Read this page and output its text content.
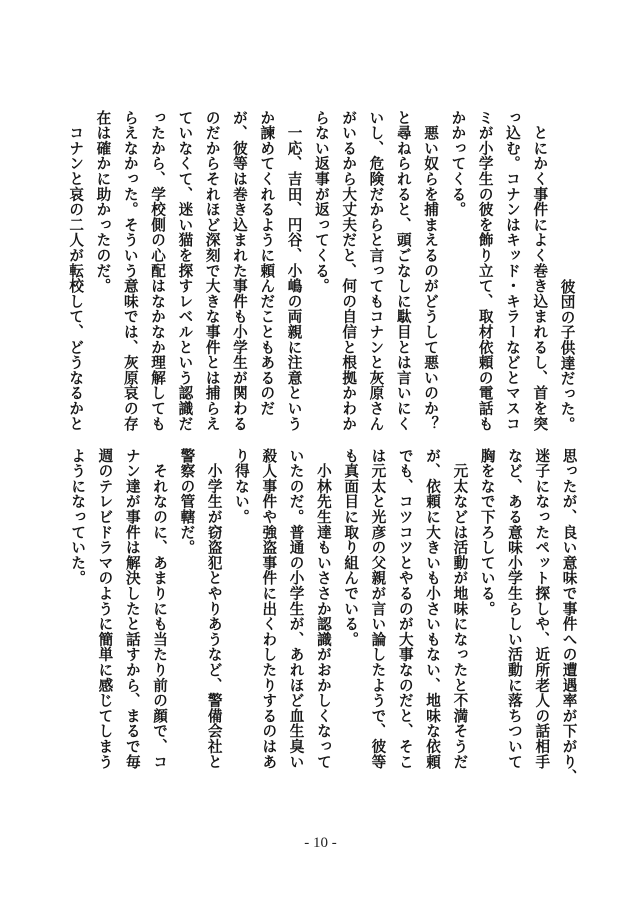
彼団の子供達だった。
　とにかく事件によく巻き込まれるし、首を突
っ込む。コナンはキッド・キラーなどとマスコ
ミが小学生の彼を飾り立て、取材依頼の電話も
かかってくる。
　悪い奴らを捕まえるのがどうして悪いのか？
と尋ねられると、頭ごなしに駄目とは言いにく
いし、危険だからと言ってもコナンと灰原さん
がいるから大丈夫だと、何の自信と根拠かわか
らない返事が返ってくる。
　一応、吉田、円谷、小嶋の両親に注意という
か諫めてくれるように頼んだこともあるのだ
が、彼等は巻き込まれた事件も小学生が関わる
のだからそれほど深刻で大きな事件とは捕らえ
ていなくて、迷い猫を探すレベルという認識だ
ったから、学校側の心配はなかなか理解しても
らえなかった。そういう意味では、灰原哀の存
在は確かに助かったのだ。
　コナンと哀の二人が転校して、どうなるかと
思ったが、良い意味で事件への遭遇率が下がり、
迷子になったペット探しや、近所老人の話相手
など、ある意味小学生らしい活動に落ちついて
胸をなで下ろしている。
　元太などは活動が地味になったと不満そうだ
が、依頼に大きいも小さいもない、地味な依頼
でも、コツコツとやるのが大事なのだと、そこ
は元太と光彦の父親が言い論したようで、彼等
も真面目に取り組んでいる。
　小林先生達もいささか認識がおかしくなって
いたのだ。普通の小学生が、あれほど血生臭い
殺人事件や強盗事件に出くわしたりするのはあ
り得ない。
　小学生が窃盗犯とやりあうなど、警備会社と
警察の管轄だ。
　それなのに、あまりにも当たり前の顔で、コ
ナン達が事件は解決したと話すから、まるで毎
週のテレビドラマのように簡単に感じてしまう
ようになっていた。
- 10 -
